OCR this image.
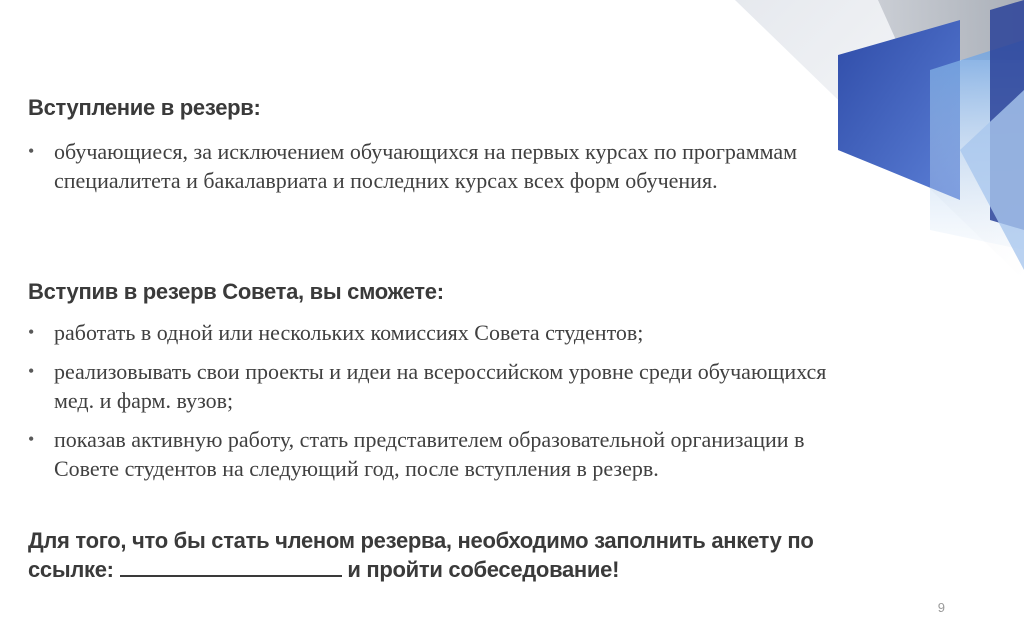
Вступление в резерв:
• обучающиеся, за исключением обучающихся на первых курсах по программам специалитета и бакалавриата и последних курсах всех форм обучения.
Вступив в резерв Совета, вы сможете:
• работать в одной или нескольких комиссиях Совета студентов;
• реализовывать свои проекты и идеи на всероссийском уровне среди обучающихся мед. и фарм. вузов;
• показав активную работу, стать представителем образовательной организации в Совете студентов на следующий год, после вступления в резерв.

Для того, что бы стать членом резерва, необходимо заполнить анкету по ссылке:	и пройти собеседование!

9
